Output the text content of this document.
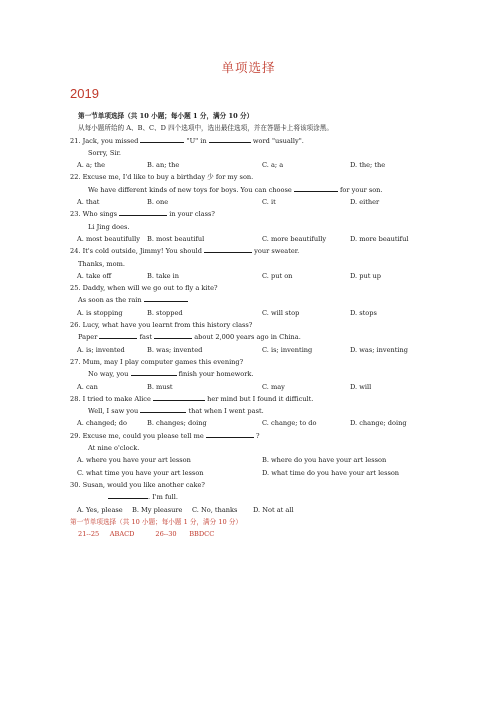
单项选择
2019
第一节单项选择（共 10 小题；每小题 1 分，满分 10 分）
从每小题所给的 A、B、C、D 四个选项中，选出最佳选项，并在答题卡上将该项涂黑。
21. Jack, you missed	"U" in	word "usually".
Sorry, Sir.
A. a; the	B. an; the	C. a; a	D. the; the
22. Excuse me, I'd like to buy a birthday 少 for my son.
We have different kinds of new toys for boys. You can choose	for your son.
A. that	B. one	C. it	D. either
23. Who sings	in your class?
Li Jing does.
A. most beautifully B. most beautiful	C. more beautifully	D. more beautiful
24. It's cold outside, Jimmy! You should	your sweater.
Thanks, mom.
A. take off	B. take in	C. put on	D. put up
25. Daddy, when will we go out to fly a kite?
As soon as the rain
A. is stopping	B. stopped	C. will stop	D. stops
26. Lucy, what have you learnt from this history class?
Paper	fast	about 2,000 years ago in China.
A. is; invented	B. was; invented	C. is; inventing	D. was; inventing
27. Mum, may I play computer games this evening?
No way, you	finish your homework.
A. can	B. must	C. may	D. will
28. I tried to make Alice	her mind but I found it difficult.
Well, I saw you	that when I went past.
A. changed; do	B. changes; doing	C. change; to do	D. change; doing
29. Excuse me, could you please tell me	?
At nine o'clock.
A. where you have your art lesson	B. where do you have your art lesson
C. what time you have your art lesson	D. what time do you have your art lesson
30. Susan, would you like another cake?
. I'm full.
A. Yes, please B. My pleasure C. No, thanks D. Not at all
第一节单项选择（共 10 小题；每小题 1 分，满分 10 分）
21--25     ABACD          26--30      BBDCC
